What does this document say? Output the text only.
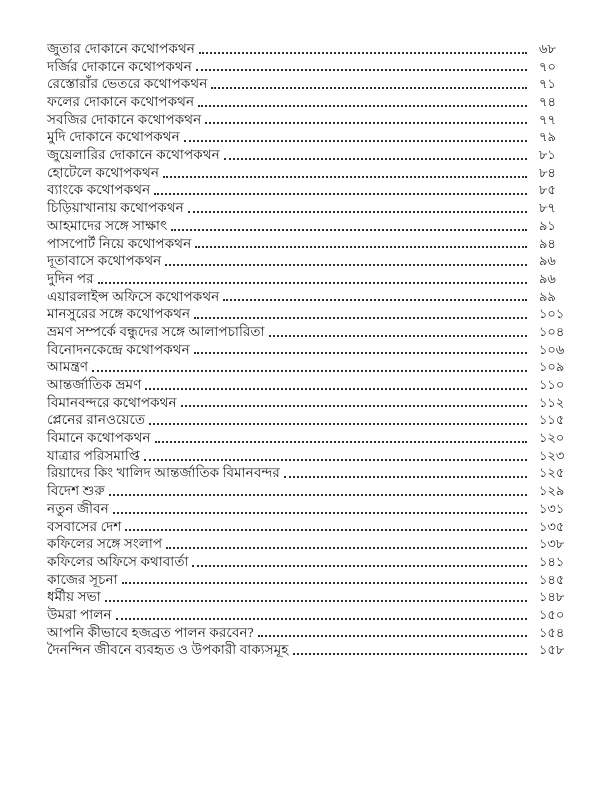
জুতার দোকানে কথোপকথন	৬৮
দর্জির দোকানে কথোপকথন	৭০
রেস্তোরাঁর ভেতরে কথোপকথন	৭১
ফলের দোকানে কথোপকথন	৭৪
সবজির দোকানে কথোপকথন	৭৭
মুদি দোকানে কথোপকথন	৭৯
জুয়েলারির দোকানে কথোপকথন	৮১
হোটেলে কথোপকথন	৮৪
ব্যাংকে কথোপকথন	৮৫
চিড়িয়াখানায় কথোপকথন	৮৭
আহমাদের সঙ্গে সাক্ষাৎ	৯১
পাসপোর্ট নিয়ে কথোপকথন	৯৪
দূতাবাসে কথোপকথন	৯৬
দুদিন পর	৯৬
এয়ারলাইন্স অফিসে কথোপকথন	৯৯
মানসুরের সঙ্গে কথোপকথন	১০১
ভ্রমণ সম্পর্কে বন্ধুদের সঙ্গে আলাপচারিতা	১০৪
বিনোদনকেন্দ্রে কথোপকথন	১০৬
আমন্ত্রণ	১০৯
আন্তর্জাতিক ভ্রমণ	১১০
বিমানবন্দরে কথোপকথন	১১২
প্লেনের রানওয়েতে	১১৫
বিমানে কথোপকথন	১২০
যাত্রার পরিসমাপ্তি	১২৩
রিয়াদের কিং খালিদ আন্তর্জাতিক বিমানবন্দর	১২৫
বিদেশ শুরু	১২৯
নতুন জীবন	১৩১
বসবাসের দেশ	১৩৫
কফিলের সঙ্গে সংলাপ	১৩৮
কফিলের অফিসে কথাবার্তা	১৪১
কাজের সূচনা	১৪৫
ধর্মীয় সভা	১৪৮
উমরা পালন	১৫০
আপনি কীভাবে হজব্রত পালন করবেন?	১৫৪
দৈনন্দিন জীবনে ব্যবহৃত ও উপকারী বাক্যসমূহ	১৫৮
